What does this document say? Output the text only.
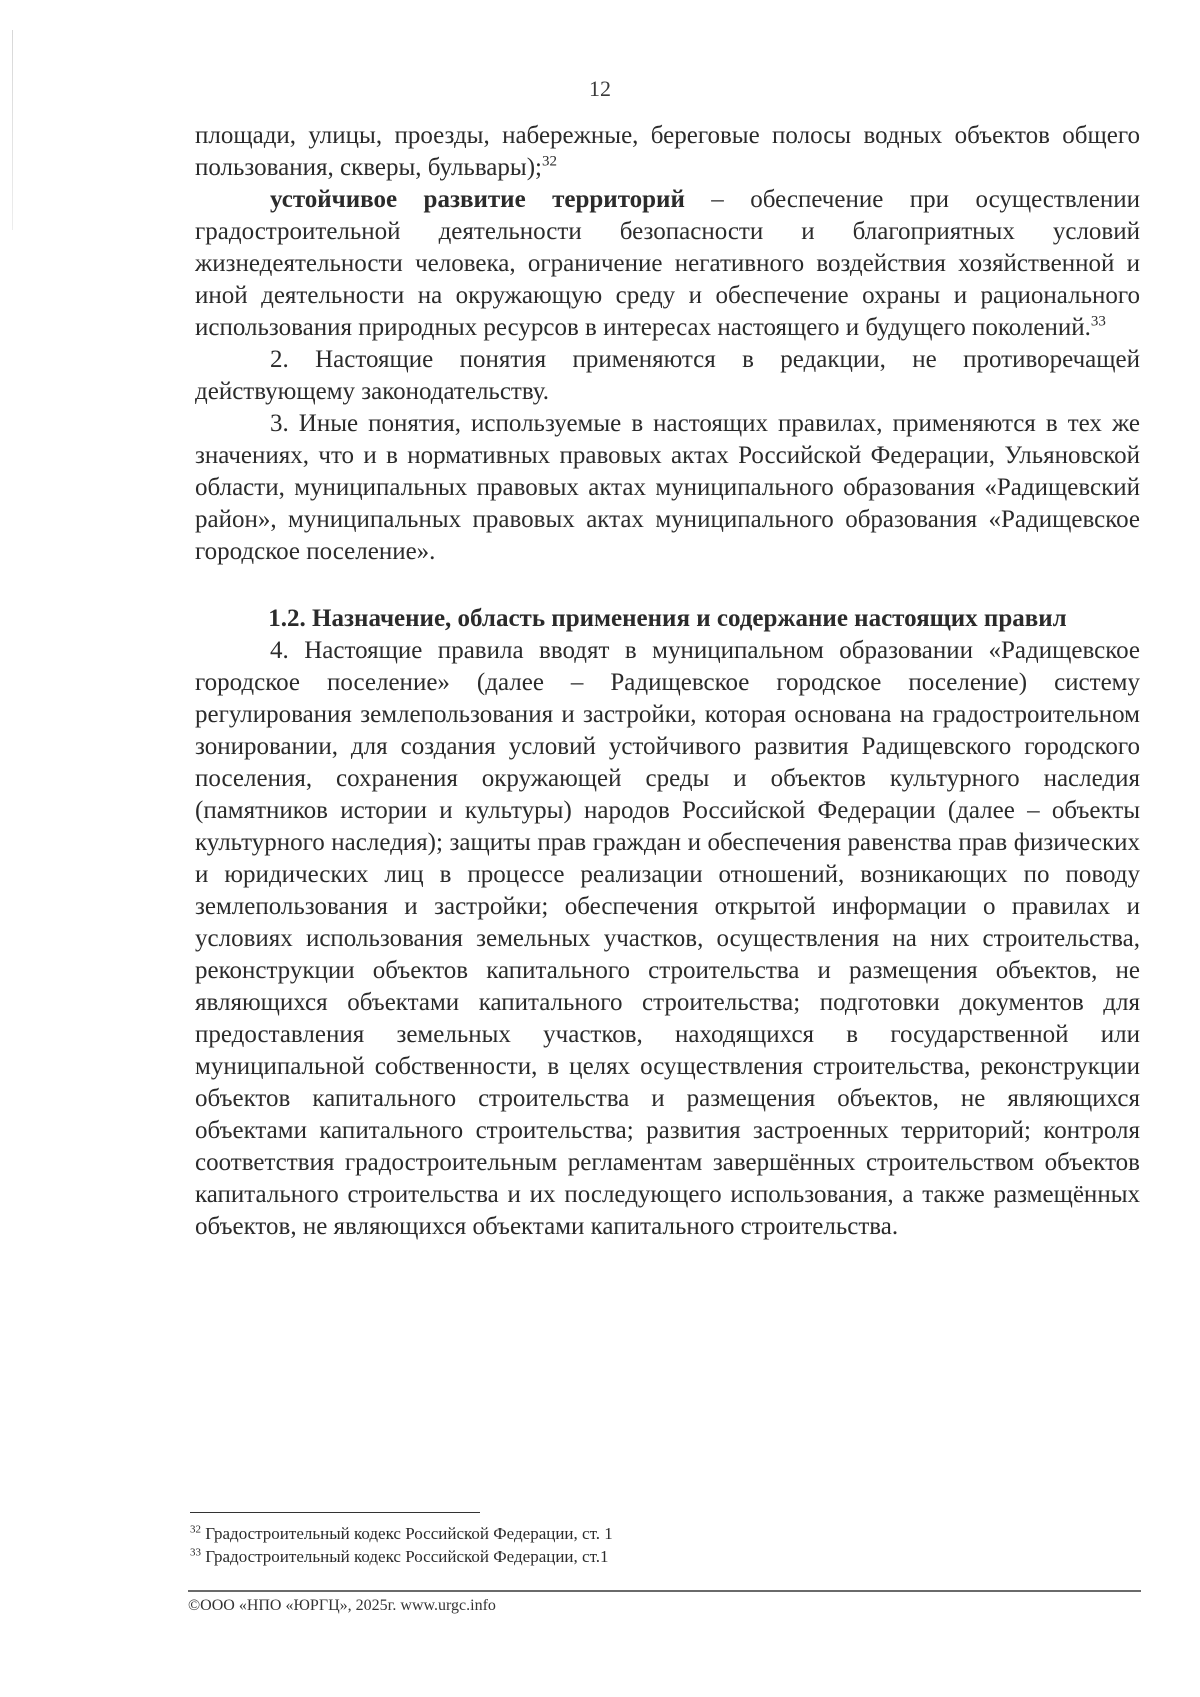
12

площади, улицы, проезды, набережные, береговые полосы водных объектов общего пользования, скверы, бульвары);$^{32}$

устойчивое развитие территорий – обеспечение при осуществлении градостроительной деятельности безопасности и благоприятных условий жизнедеятельности человека, ограничение негативного воздействия хозяйственной и иной деятельности на окружающую среду и обеспечение охраны и рационального использования природных ресурсов в интересах настоящего и будущего поколений.$^{33}$

2. Настоящие понятия применяются в редакции, не противоречащей действующему законодательству.

3. Иные понятия, используемые в настоящих правилах, применяются в тех же значениях, что и в нормативных правовых актах Российской Федерации, Ульяновской области, муниципальных правовых актах муниципального образования «Радищевский район», муниципальных правовых актах муниципального образования «Радищевское городское поселение».

1.2. Назначение, область применения и содержание настоящих правил

4. Настоящие правила вводят в муниципальном образовании «Радищевское городское поселение» (далее – Радищевское городское поселение) систему регулирования землепользования и застройки, которая основана на градостроительном зонировании, для создания условий устойчивого развития Радищевского городского поселения, сохранения окружающей среды и объектов культурного наследия (памятников истории и культуры) народов Российской Федерации (далее – объекты культурного наследия); защиты прав граждан и обеспечения равенства прав физических и юридических лиц в процессе реализации отношений, возникающих по поводу землепользования и застройки; обеспечения открытой информации о правилах и условиях использования земельных участков, осуществления на них строительства, реконструкции объектов капитального строительства и размещения объектов, не являющихся объектами капитального строительства; подготовки документов для предоставления земельных участков, находящихся в государственной или муниципальной собственности, в целях осуществления строительства, реконструкции объектов капитального строительства и размещения объектов, не являющихся объектами капитального строительства; развития застроенных территорий; контроля соответствия градостроительным регламентам завершённых строительством объектов капитального строительства и их последующего использования, а также размещённых объектов, не являющихся объектами капитального строительства.

$^{32}$ Градостроительный кодекс Российской Федерации, ст. 1

$^{33}$ Градостроительный кодекс Российской Федерации, ст.1

©ООО «НПО «ЮРГЦ», 2025г. www.urgc.info
